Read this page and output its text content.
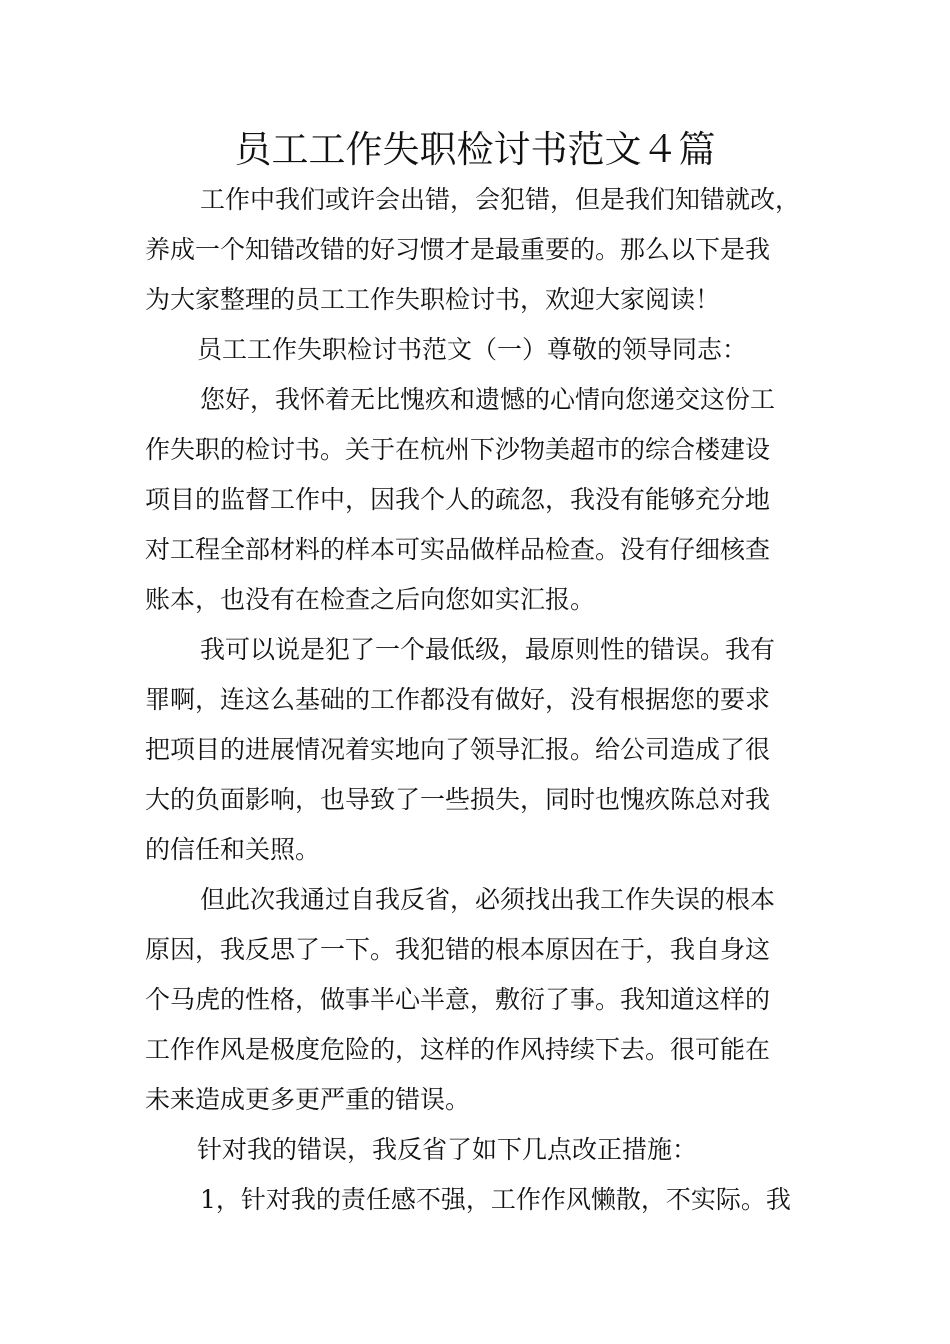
员工工作失职检讨书范文４篇
工作中我们或许会出错，会犯错，但是我们知错就改，
养成一个知错改错的好习惯才是最重要的。那么以下是我
为大家整理的员工工作失职检讨书，欢迎大家阅读！
员工工作失职检讨书范文（一）尊敬的领导同志：
您好，我怀着无比愧疚和遗憾的心情向您递交这份工
作失职的检讨书。关于在杭州下沙物美超市的综合楼建设
项目的监督工作中，因我个人的疏忽，我没有能够充分地
对工程全部材料的样本可实品做样品检查。没有仔细核查
账本，也没有在检查之后向您如实汇报。
我可以说是犯了一个最低级，最原则性的错误。我有
罪啊，连这么基础的工作都没有做好，没有根据您的要求
把项目的进展情况着实地向了领导汇报。给公司造成了很
大的负面影响，也导致了一些损失，同时也愧疚陈总对我
的信任和关照。
但此次我通过自我反省，必须找出我工作失误的根本
原因，我反思了一下。我犯错的根本原因在于，我自身这
个马虎的性格，做事半心半意，敷衍了事。我知道这样的
工作作风是极度危险的，这样的作风持续下去。很可能在
未来造成更多更严重的错误。
针对我的错误，我反省了如下几点改正措施：
1，针对我的责任感不强，工作作风懒散，不实际。我
